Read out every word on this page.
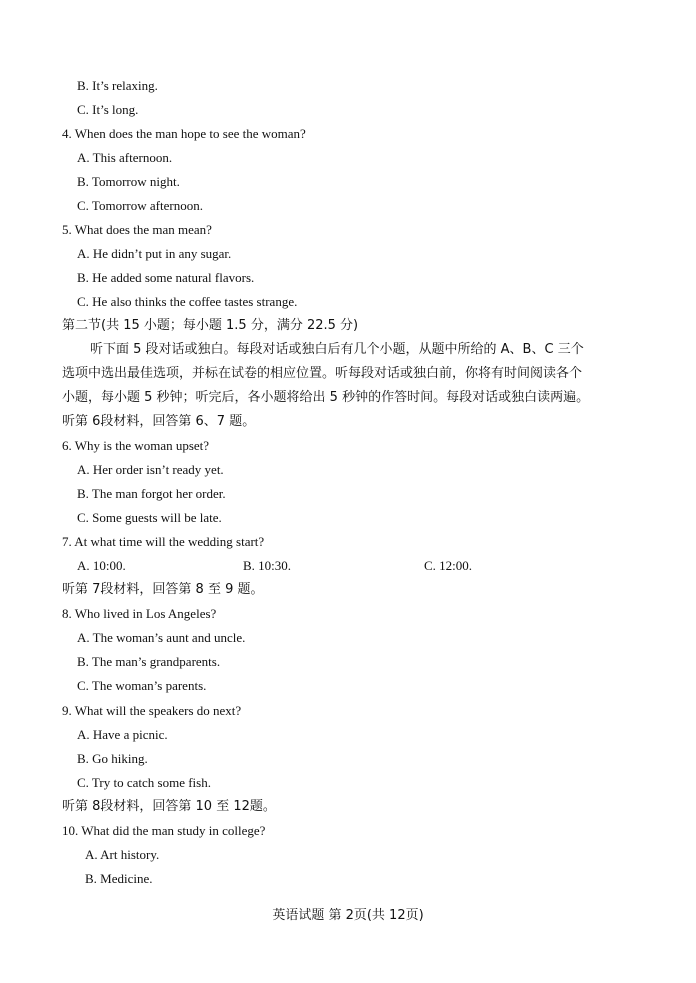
B. It’s relaxing.
C. It’s long.
4. When does the man hope to see the woman?
A. This afternoon.
B. Tomorrow night.
C. Tomorrow afternoon.
5. What does the man mean?
A. He didn’t put in any sugar.
B. He added some natural flavors.
C. He also thinks the coffee tastes strange.
第二节(共 15 小题；每小题 1.5 分，满分 22.5 分)
听下面 5 段对话或独白。每段对话或独白后有几个小题，从题中所给的 A、B、C 三个
选项中选出最佳选项，并标在试卷的相应位置。听每段对话或独白前，你将有时间阅读各个
小题，每小题 5 秒钟；听完后，各小题将给出 5 秒钟的作答时间。每段对话或独白读两遍。
听第 6段材料，回答第 6、7 题。
6. Why is the woman upset?
A. Her order isn’t ready yet.
B. The man forgot her order.
C. Some guests will be late.
7. At what time will the wedding start?
A. 10:00.	B. 10:30.	C. 12:00.
听第 7段材料，回答第 8 至 9 题。
8. Who lived in Los Angeles?
A. The woman’s aunt and uncle.
B. The man’s grandparents.
C. The woman’s parents.
9. What will the speakers do next?
A. Have a picnic.
B. Go hiking.
C. Try to catch some fish.
听第 8段材料，回答第 10 至 12题。
10. What did the man study in college?
A. Art history.
B. Medicine.
英语试题 第 2页(共 12页)
